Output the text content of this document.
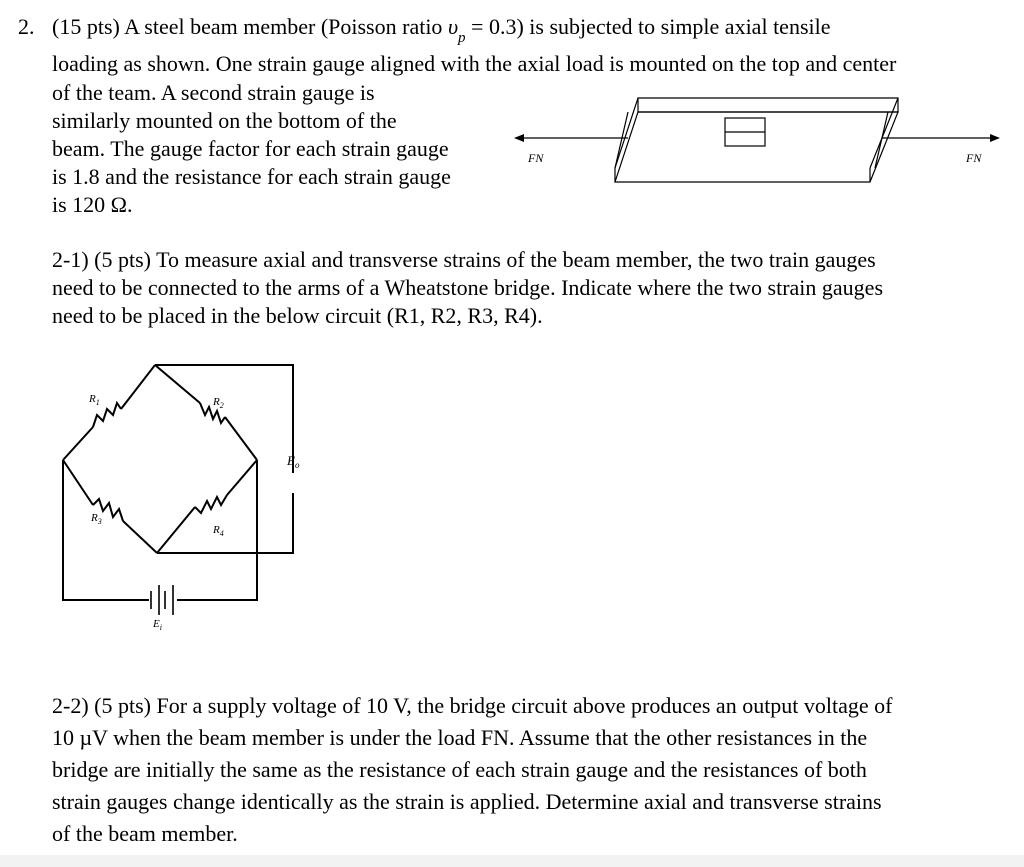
2. (15 pts) A steel beam member (Poisson ratio $\upsilon_p = 0.3$) is subjected to simple axial tensile
loading as shown. One strain gauge aligned with the axial load is mounted on the top and center
of the team. A second strain gauge is
similarly mounted on the bottom of the
beam. The gauge factor for each strain gauge
is 1.8 and the resistance for each strain gauge
is 120 Ω.
FN	FN
2-1) (5 pts) To measure axial and transverse strains of the beam member, the two train gauges
need to be connected to the arms of a Wheatstone bridge. Indicate where the two strain gauges
need to be placed in the below circuit (R1, R2, R3, R4).
$R_1$	$R_2$
$R_3$
$R_4$
$E_o$
$E_i$
2-2) (5 pts) For a supply voltage of 10 V, the bridge circuit above produces an output voltage of
10 µV when the beam member is under the load FN. Assume that the other resistances in the
bridge are initially the same as the resistance of each strain gauge and the resistances of both
strain gauges change identically as the strain is applied. Determine axial and transverse strains
of the beam member.
